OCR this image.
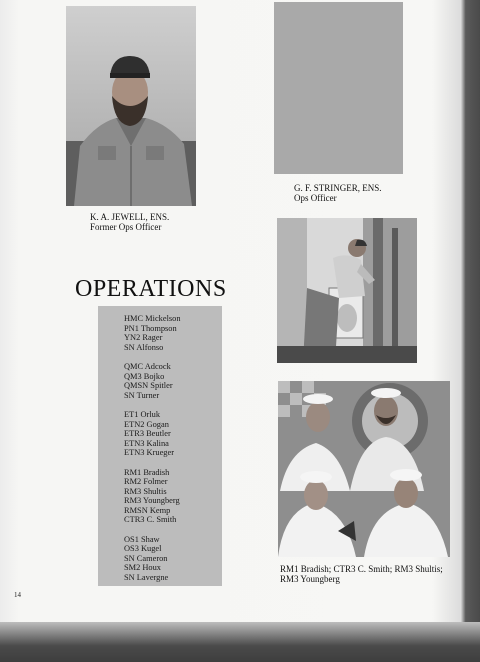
K. A. JEWELL, ENS.
Former Ops Officer
G. F. STRINGER, ENS.
Ops Officer
OPERATIONS
HMC Mickelson
PN1 Thompson
YN2 Rager
SN Alfonso
QMC Adcock
QM3 Bojko
QMSN Spitler
SN Turner
ET1 Orluk
ETN2 Gogan
ETR3 Beutler
ETN3 Kalina
ETN3 Krueger
RM1 Bradish
RM2 Folmer
RM3 Shultis
RM3 Youngberg
RMSN Kemp
CTR3 C. Smith
OS1 Shaw
OS3 Kugel
SN Cameron
SM2 Houx
SN Lavergne
RM1 Bradish; CTR3 C. Smith; RM3 Shultis;
RM3 Youngberg
14
